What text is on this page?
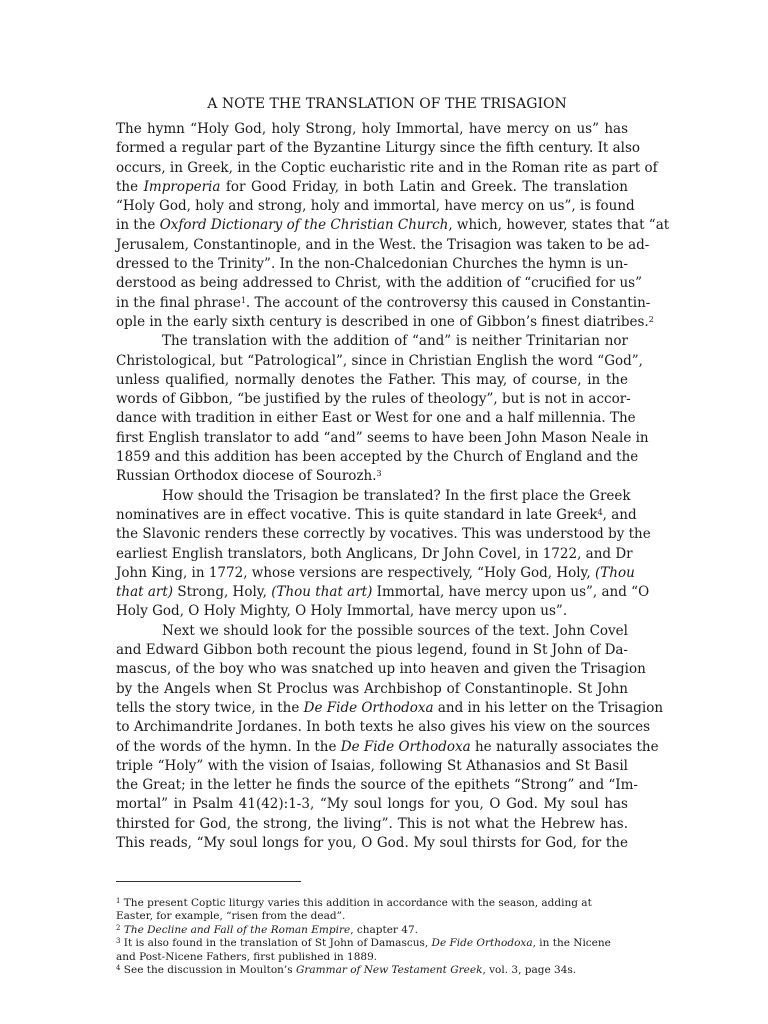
A NOTE THE TRANSLATION OF THE TRISAGION
The hymn “Holy God, holy Strong, holy Immortal, have mercy on us” has
formed a regular part of the Byzantine Liturgy since the fifth century. It also
occurs, in Greek, in the Coptic eucharistic rite and in the Roman rite as part of
the Improperia for Good Friday, in both Latin and Greek. The translation
“Holy God, holy and strong, holy and immortal, have mercy on us”, is found
in the Oxford Dictionary of the Christian Church, which, however, states that “at
Jerusalem, Constantinople, and in the West. the Trisagion was taken to be ad-
dressed to the Trinity”. In the non-Chalcedonian Churches the hymn is un-
derstood as being addressed to Christ, with the addition of “crucified for us”
in the final phrase$^1$. The account of the controversy this caused in Constantin-
ople in the early sixth century is described in one of Gibbon’s finest diatribes.$^2$
The translation with the addition of “and” is neither Trinitarian nor
Christological, but “Patrological”, since in Christian English the word “God”,
unless qualified, normally denotes the Father. This may, of course, in the
words of Gibbon, “be justified by the rules of theology”, but is not in accor-
dance with tradition in either East or West for one and a half millennia. The
first English translator to add “and” seems to have been John Mason Neale in
1859 and this addition has been accepted by the Church of England and the
Russian Orthodox diocese of Sourozh.$^3$
How should the Trisagion be translated? In the first place the Greek
nominatives are in effect vocative. This is quite standard in late Greek$^4$, and
the Slavonic renders these correctly by vocatives. This was understood by the
earliest English translators, both Anglicans, Dr John Covel, in 1722, and Dr
John King, in 1772, whose versions are respectively, “Holy God, Holy, (Thou
that art) Strong, Holy, (Thou that art) Immortal, have mercy upon us”, and “O
Holy God, O Holy Mighty, O Holy Immortal, have mercy upon us”.
Next we should look for the possible sources of the text. John Covel
and Edward Gibbon both recount the pious legend, found in St John of Da-
mascus, of the boy who was snatched up into heaven and given the Trisagion
by the Angels when St Proclus was Archbishop of Constantinople. St John
tells the story twice, in the De Fide Orthodoxa and in his letter on the Trisagion
to Archimandrite Jordanes. In both texts he also gives his view on the sources
of the words of the hymn. In the De Fide Orthodoxa he naturally associates the
triple “Holy” with the vision of Isaias, following St Athanasios and St Basil
the Great; in the letter he finds the source of the epithets “Strong” and “Im-
mortal” in Psalm 41(42):1-3, “My soul longs for you, O God. My soul has
thirsted for God, the strong, the living”. This is not what the Hebrew has.
This reads, “My soul longs for you, O God. My soul thirsts for God, for the
$^1$ The present Coptic liturgy varies this addition in accordance with the season, adding at
Easter, for example, “risen from the dead”.
$^2$ The Decline and Fall of the Roman Empire, chapter 47.
$^3$ It is also found in the translation of St John of Damascus, De Fide Orthodoxa, in the Nicene
and Post-Nicene Fathers, first published in 1889.
$^4$ See the discussion in Moulton’s Grammar of New Testament Greek, vol. 3, page 34s.
